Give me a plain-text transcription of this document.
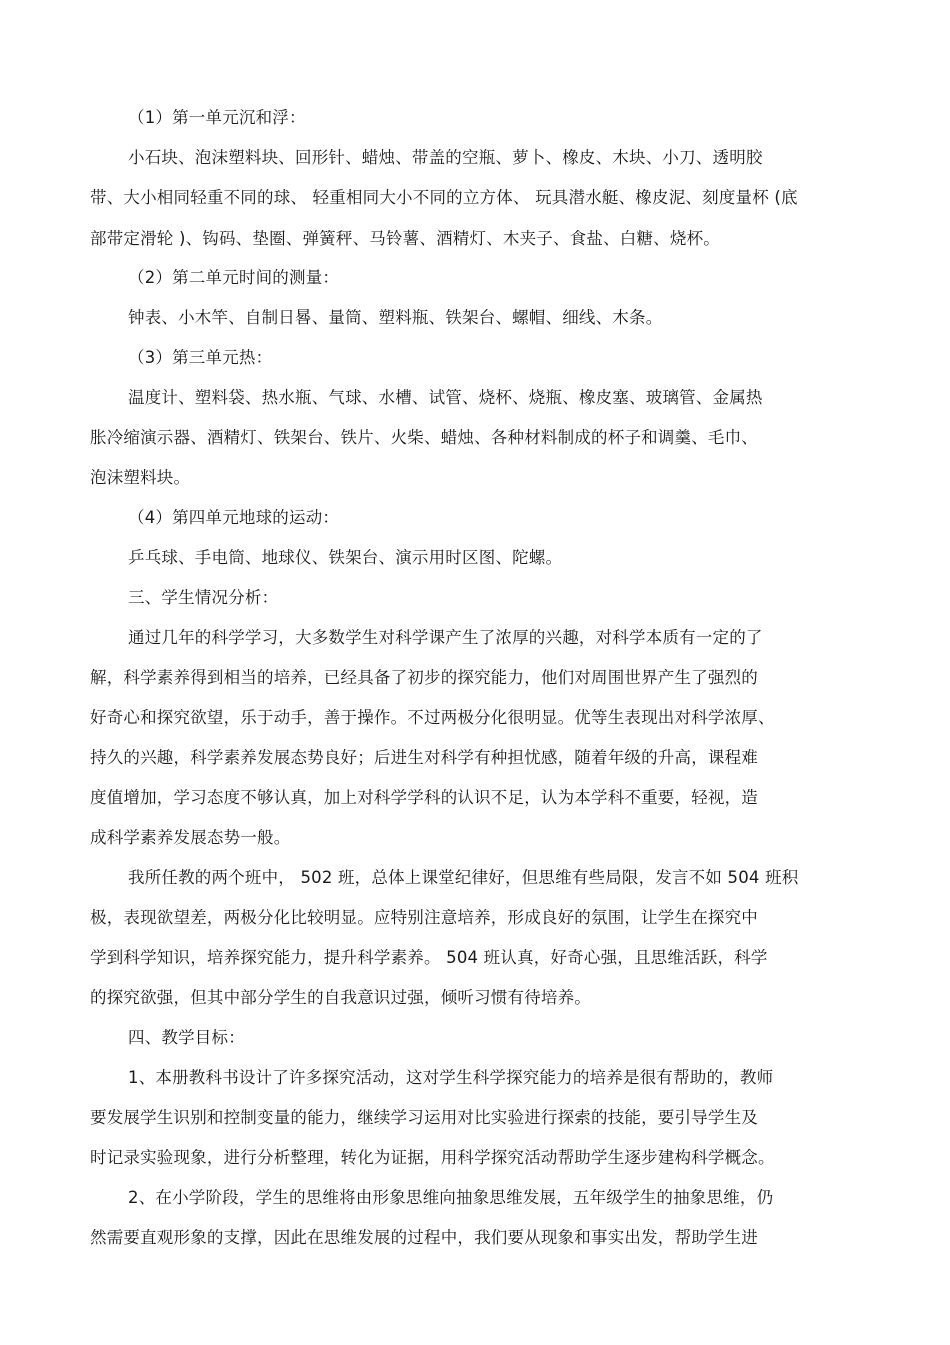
（1）第一单元沉和浮：
小石块、泡沫塑料块、回形针、蜡烛、带盖的空瓶、萝卜、橡皮、木块、小刀、透明胶
带、大小相同轻重不同的球、 轻重相同大小不同的立方体、 玩具潜水艇、橡皮泥、刻度量杯 (底
部带定滑轮 )、钩码、垫圈、弹簧秤、马铃薯、酒精灯、木夹子、食盐、白糖、烧杯。
（2）第二单元时间的测量：
钟表、小木竿、自制日晷、量筒、塑料瓶、铁架台、螺帽、细线、木条。
（3）第三单元热：
温度计、塑料袋、热水瓶、气球、水槽、试管、烧杯、烧瓶、橡皮塞、玻璃管、金属热
胀冷缩演示器、酒精灯、铁架台、铁片、火柴、蜡烛、各种材料制成的杯子和调羹、毛巾、
泡沫塑料块。
（4）第四单元地球的运动：
乒乓球、手电筒、地球仪、铁架台、演示用时区图、陀螺。
三、学生情况分析：
通过几年的科学学习，大多数学生对科学课产生了浓厚的兴趣，对科学本质有一定的了
解，科学素养得到相当的培养，已经具备了初步的探究能力，他们对周围世界产生了强烈的
好奇心和探究欲望，乐于动手，善于操作。不过两极分化很明显。优等生表现出对科学浓厚、
持久的兴趣，科学素养发展态势良好；后进生对科学有种担忧感，随着年级的升高，课程难
度值增加，学习态度不够认真，加上对科学学科的认识不足，认为本学科不重要，轻视，造
成科学素养发展态势一般。
我所任教的两个班中， 502 班，总体上课堂纪律好，但思维有些局限，发言不如 504 班积
极，表现欲望差，两极分化比较明显。应特别注意培养，形成良好的氛围，让学生在探究中
学到科学知识，培养探究能力，提升科学素养。 504 班认真，好奇心强，且思维活跃，科学
的探究欲强，但其中部分学生的自我意识过强，倾听习惯有待培养。
四、教学目标：
1、本册教科书设计了许多探究活动，这对学生科学探究能力的培养是很有帮助的，教师
要发展学生识别和控制变量的能力，继续学习运用对比实验进行探索的技能，要引导学生及
时记录实验现象，进行分析整理，转化为证据，用科学探究活动帮助学生逐步建构科学概念。
2、在小学阶段，学生的思维将由形象思维向抽象思维发展，五年级学生的抽象思维，仍
然需要直观形象的支撑，因此在思维发展的过程中，我们要从现象和事实出发，帮助学生进
